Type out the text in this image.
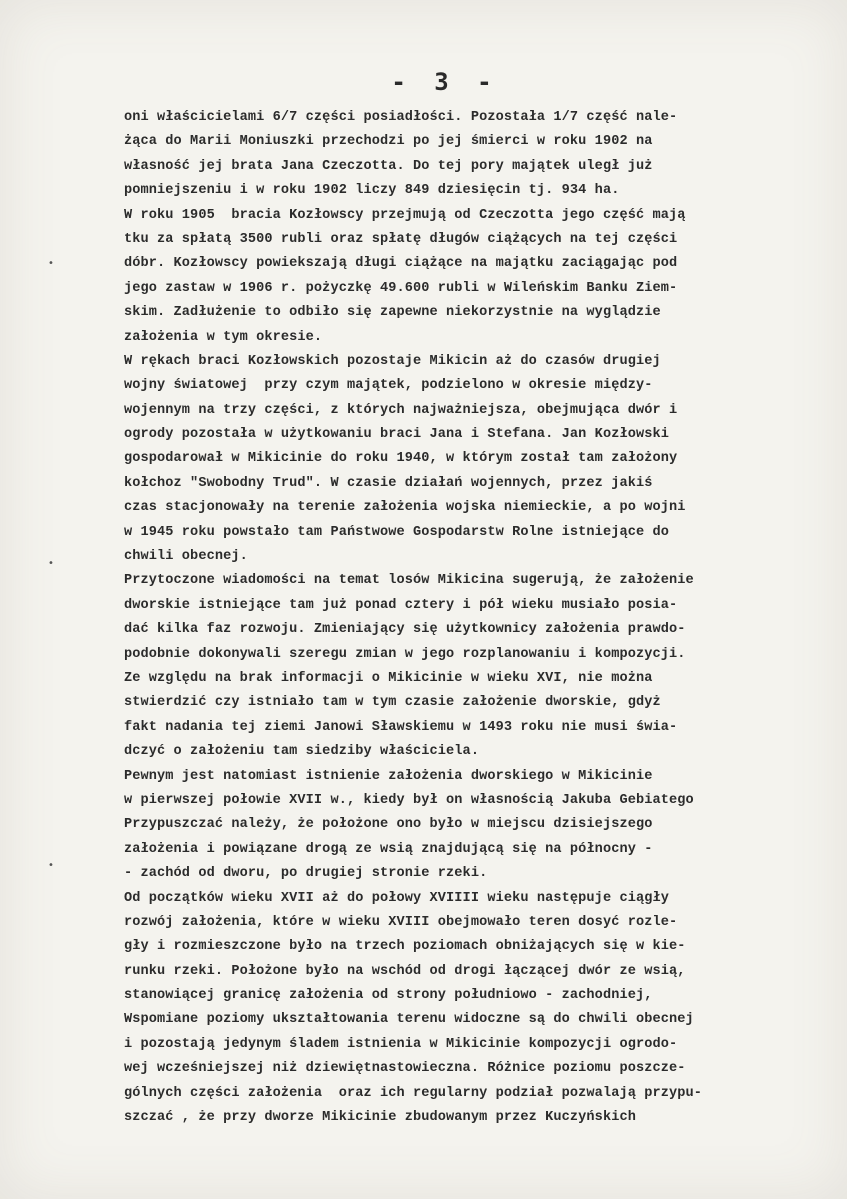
- 3 -
•
•
•
oni właścicielami 6/7 części posiadłości. Pozostała 1/7 część nale-
żąca do Marii Moniuszki przechodzi po jej śmierci w roku 1902 na
własność jej brata Jana Czeczotta. Do tej pory majątek uległ już
pomniejszeniu i w roku 1902 liczy 849 dziesięcin tj. 934 ha.
W roku 1905  bracia Kozłowscy przejmują od Czeczotta jego część mają
tku za spłatą 3500 rubli oraz spłatę długów ciążących na tej części
dóbr. Kozłowscy powiekszają długi ciążące na majątku zaciągając pod
jego zastaw w 1906 r. pożyczkę 49.600 rubli w Wileńskim Banku Ziem-
skim. Zadłużenie to odbiło się zapewne niekorzystnie na wyglądzie
założenia w tym okresie.
W rękach braci Kozłowskich pozostaje Mikicin aż do czasów drugiej
wojny światowej  przy czym majątek, podzielono w okresie między-
wojennym na trzy części, z których najważniejsza, obejmująca dwór i
ogrody pozostała w użytkowaniu braci Jana i Stefana. Jan Kozłowski
gospodarował w Mikicinie do roku 1940, w którym został tam założony
kołchoz "Swobodny Trud". W czasie działań wojennych, przez jakiś
czas stacjonowały na terenie założenia wojska niemieckie, a po wojni
w 1945 roku powstało tam Państwowe Gospodarstw Rolne istniejące do
chwili obecnej.
Przytoczone wiadomości na temat losów Mikicina sugerują, że założenie
dworskie istniejące tam już ponad cztery i pół wieku musiało posia-
dać kilka faz rozwoju. Zmieniający się użytkownicy założenia prawdo-
podobnie dokonywali szeregu zmian w jego rozplanowaniu i kompozycji.
Ze względu na brak informacji o Mikicinie w wieku XVI, nie można
stwierdzić czy istniało tam w tym czasie założenie dworskie, gdyż
fakt nadania tej ziemi Janowi Sławskiemu w 1493 roku nie musi świa-
dczyć o założeniu tam siedziby właściciela.
Pewnym jest natomiast istnienie założenia dworskiego w Mikicinie
w pierwszej połowie XVII w., kiedy był on własnością Jakuba Gebiatego
Przypuszczać należy, że położone ono było w miejscu dzisiejszego
założenia i powiązane drogą ze wsią znajdującą się na północny -
- zachód od dworu, po drugiej stronie rzeki.
Od początków wieku XVII aż do połowy XVIIII wieku następuje ciągły
rozwój założenia, które w wieku XVIII obejmowało teren dosyć rozle-
gły i rozmieszczone było na trzech poziomach obniżających się w kie-
runku rzeki. Położone było na wschód od drogi łączącej dwór ze wsią,
stanowiącej granicę założenia od strony południowo - zachodniej,
Wspomiane poziomy ukształtowania terenu widoczne są do chwili obecnej
i pozostają jedynym śladem istnienia w Mikicinie kompozycji ogrodo-
wej wcześniejszej niż dziewiętnastowieczna. Różnice poziomu poszcze-
gólnych części założenia  oraz ich regularny podział pozwalają przypu-
szczać , że przy dworze Mikicinie zbudowanym przez Kuczyńskich
